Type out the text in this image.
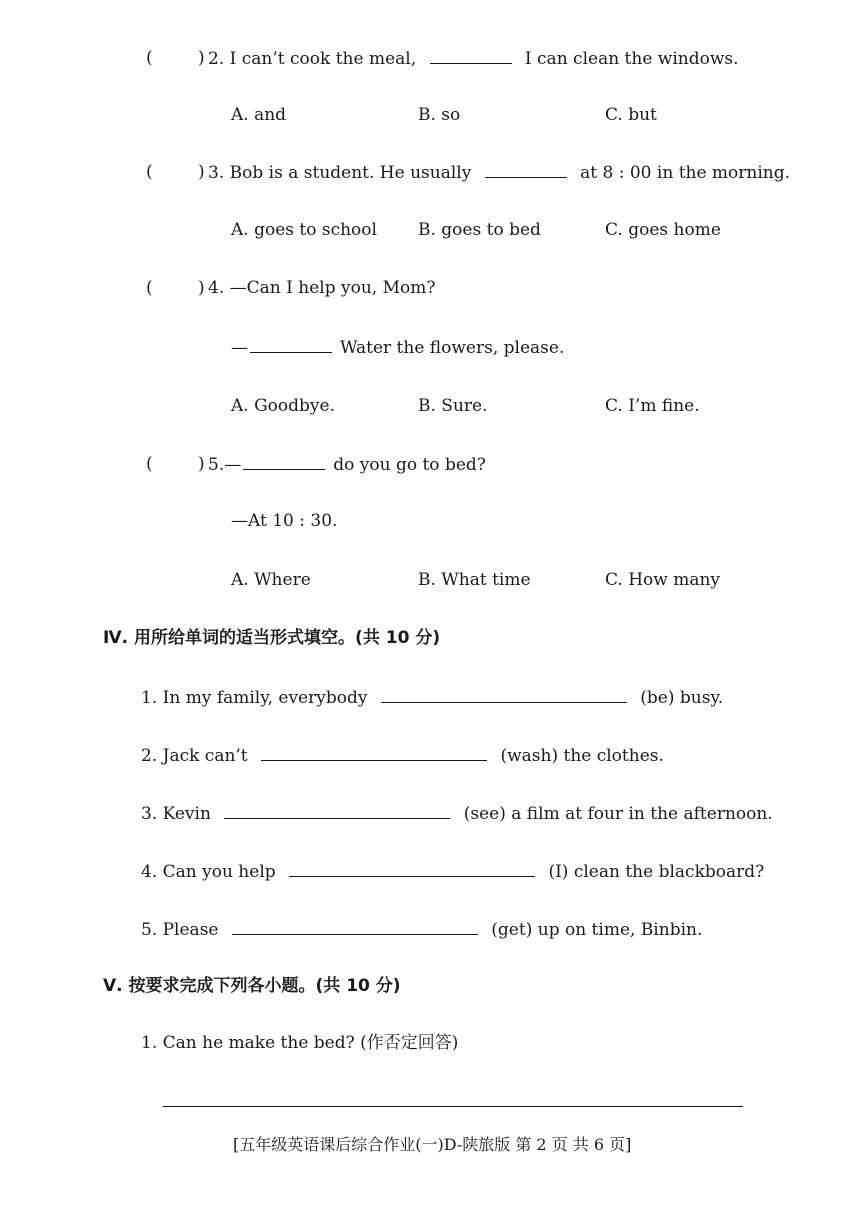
(	) 2. I can’t cook the meal,	I can clean the windows.
A. and	B. so	C. but
(	) 3. Bob is a student. He usually	at 8 : 00 in the morning.
A. goes to school B. goes to bed	C. goes home
(	) 4. —Can I help you, Mom?
—	Water the flowers, please.
A. Goodbye.	B. Sure.	C. I’m fine.
(	) 5.—	do you go to bed?
—At 10 : 30.
A. Where	B. What time	C. How many
Ⅳ. 用所给单词的适当形式填空。(共 10 分)
1. In my family, everybody	(be) busy.
2. Jack can’t	(wash) the clothes.
3. Kevin	(see) a film at four in the afternoon.
4. Can you help	(I) clean the blackboard?
5. Please	(get) up on time, Binbin.
Ⅴ. 按要求完成下列各小题。(共 10 分)
1. Can he make the bed? (作否定回答)
[五年级英语课后综合作业(一)D-陕旅版 第 2 页 共 6 页]
